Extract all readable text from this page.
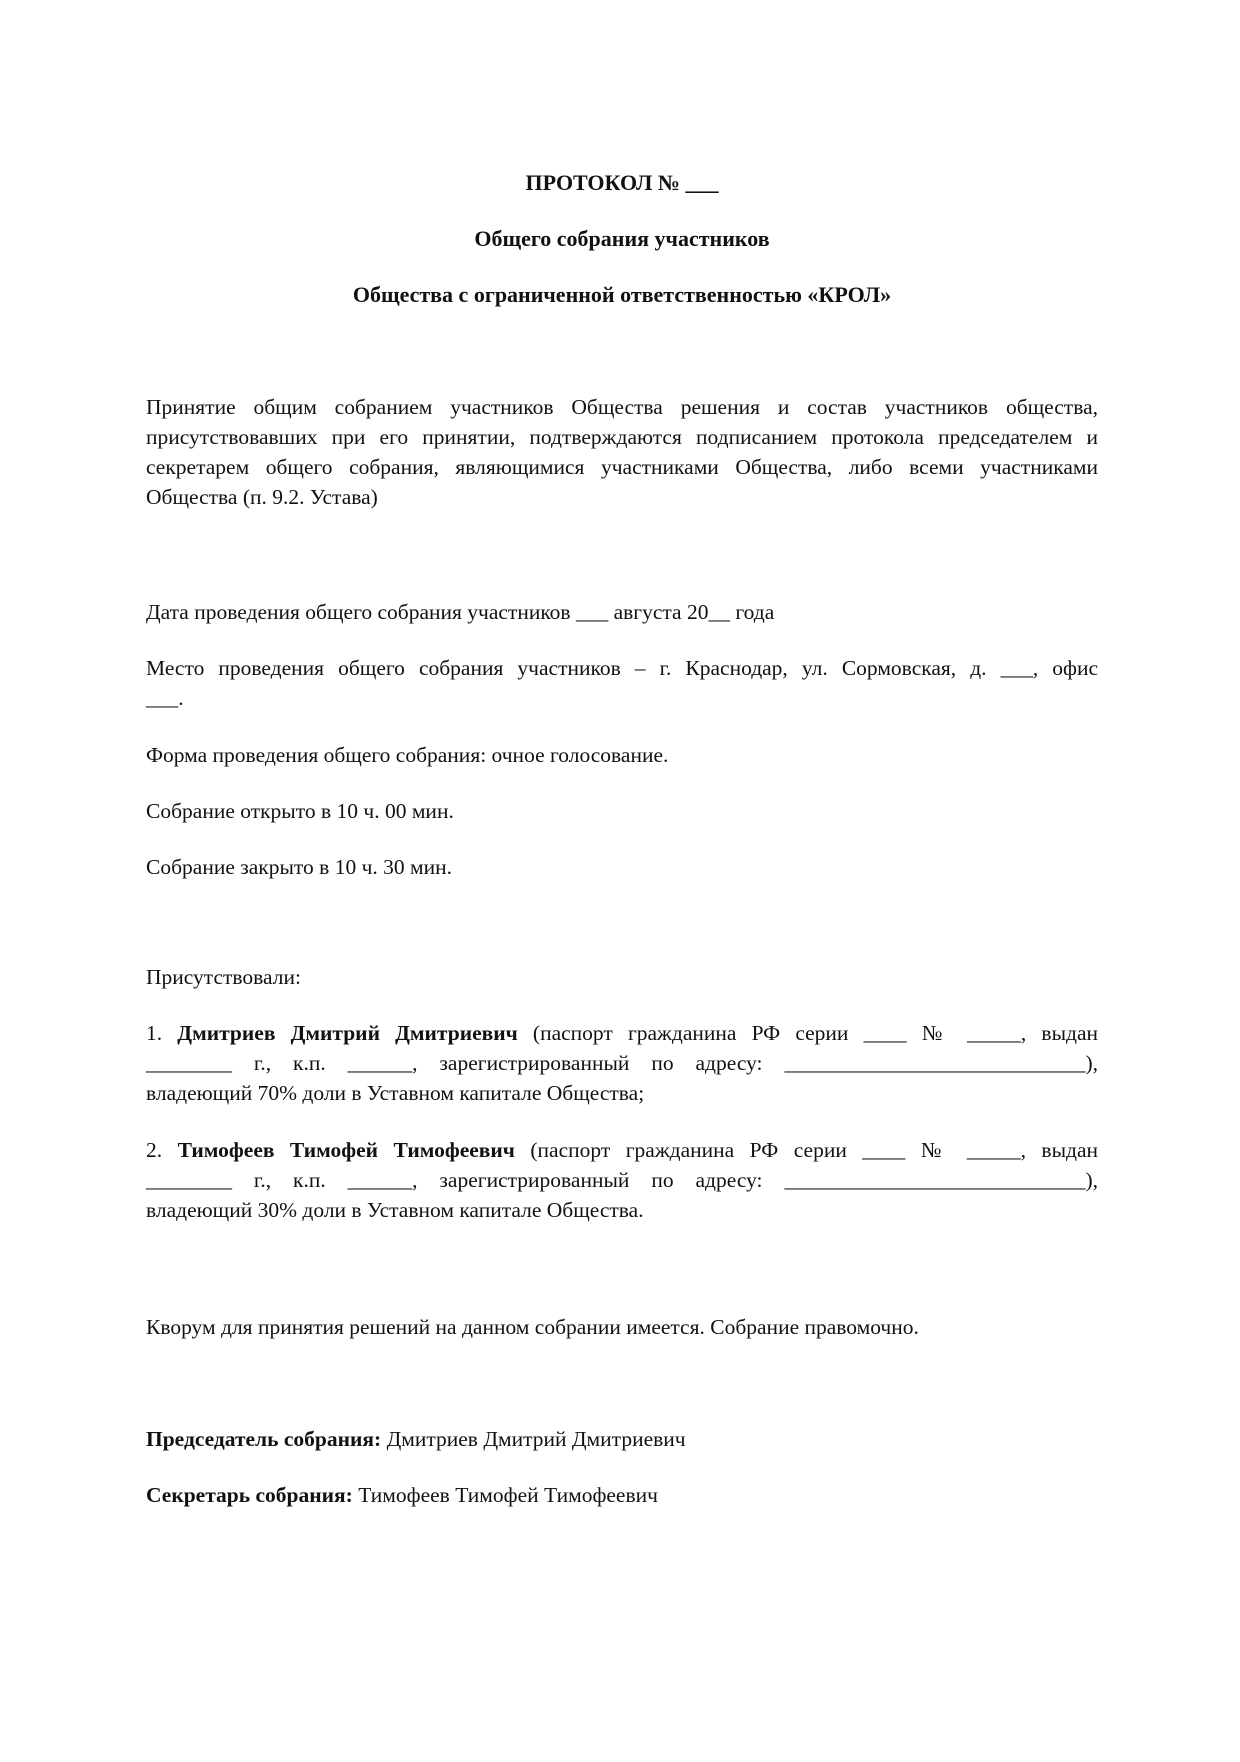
ПРОТОКОЛ № ___
Общего собрания участников
Общества с ограниченной ответственностью «КРОЛ»
Принятие общим собранием участников Общества решения и состав участников общества,
присутствовавших при его принятии, подтверждаются подписанием протокола председателем и
секретарем общего собрания, являющимися участниками Общества, либо всеми участниками
Общества (п. 9.2. Устава)
Дата проведения общего собрания участников ___ августа 20__ года
Место проведения общего собрания участников – г. Краснодар, ул. Сормовская, д. ___, офис
___.
Форма проведения общего собрания: очное голосование.
Собрание открыто в 10 ч. 00 мин.
Собрание закрыто в 10 ч. 30 мин.
Присутствовали:
1. Дмитриев Дмитрий Дмитриевич (паспорт гражданина РФ серии ____ № _____, выдан
________ г., к.п. ______, зарегистрированный по адресу: ____________________________),
владеющий 70% доли в Уставном капитале Общества;
2. Тимофеев Тимофей Тимофеевич (паспорт гражданина РФ серии ____ № _____, выдан
________ г., к.п. ______, зарегистрированный по адресу: ____________________________),
владеющий 30% доли в Уставном капитале Общества.
Кворум для принятия решений на данном собрании имеется. Собрание правомочно.
Председатель собрания: Дмитриев Дмитрий Дмитриевич
Секретарь собрания: Тимофеев Тимофей Тимофеевич
